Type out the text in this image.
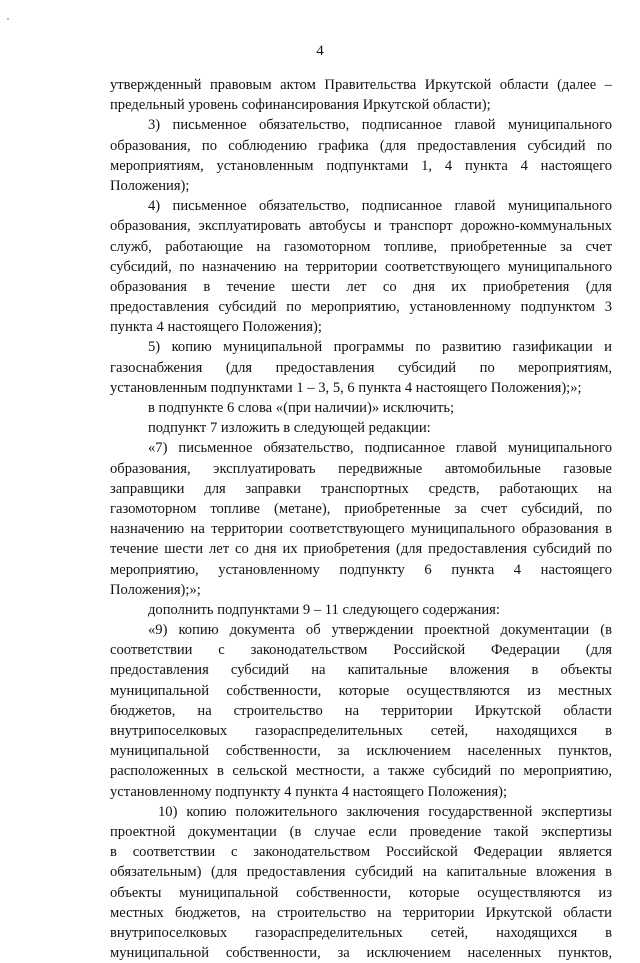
4
утвержденный правовым актом Правительства Иркутской области (далее –
предельный уровень софинансирования Иркутской области);
3) письменное обязательство, подписанное главой муниципального
образования, по соблюдению графика (для предоставления субсидий по
мероприятиям, установленным подпунктами 1, 4 пункта 4 настоящего
Положения);
4) письменное обязательство, подписанное главой муниципального
образования, эксплуатировать автобусы и транспорт дорожно-коммунальных
служб, работающие на газомоторном топливе, приобретенные за счет
субсидий, по назначению на территории соответствующего муниципального
образования в течение шести лет со дня их приобретения (для
предоставления субсидий по мероприятию, установленному подпунктом 3
пункта 4 настоящего Положения);
5) копию муниципальной программы по развитию газификации и
газоснабжения (для предоставления субсидий по мероприятиям,
установленным подпунктами 1 – 3, 5, 6 пункта 4 настоящего Положения);»;
в подпункте 6 слова «(при наличии)» исключить;
подпункт 7 изложить в следующей редакции:
«7) письменное обязательство, подписанное главой муниципального
образования, эксплуатировать передвижные автомобильные газовые
заправщики для заправки транспортных средств, работающих на
газомоторном топливе (метане), приобретенные за счет субсидий, по
назначению на территории соответствующего муниципального образования в
течение шести лет со дня их приобретения (для предоставления субсидий по
мероприятию, установленному подпункту 6 пункта 4 настоящего
Положения);»;
дополнить подпунктами 9 – 11 следующего содержания:
«9) копию документа об утверждении проектной документации (в
соответствии с законодательством Российской Федерации (для
предоставления субсидий на капитальные вложения в объекты
муниципальной собственности, которые осуществляются из местных
бюджетов, на строительство на территории Иркутской области
внутрипоселковых газораспределительных сетей, находящихся в
муниципальной собственности, за исключением населенных пунктов,
расположенных в сельской местности, а также субсидий по мероприятию,
установленному подпункту 4 пункта 4 настоящего Положения);
10) копию положительного заключения государственной экспертизы
проектной документации (в случае если проведение такой экспертизы
в соответствии с законодательством Российской Федерации является
обязательным) (для предоставления субсидий на капитальные вложения в
объекты муниципальной собственности, которые осуществляются из
местных бюджетов, на строительство на территории Иркутской области
внутрипоселковых газораспределительных сетей, находящихся в
муниципальной собственности, за исключением населенных пунктов,
